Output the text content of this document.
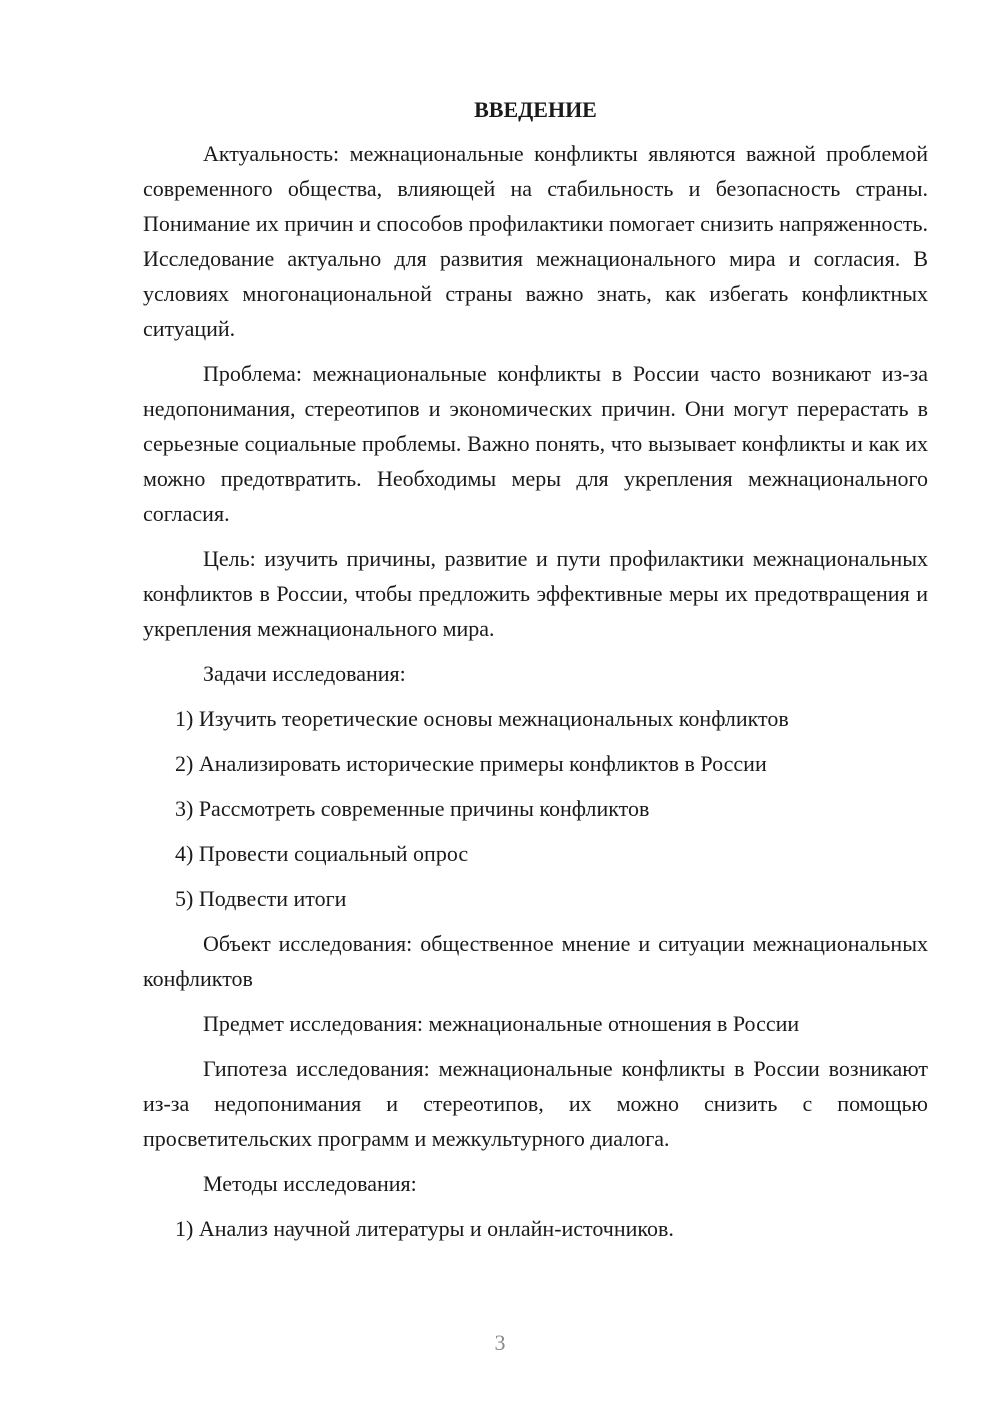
ВВЕДЕНИЕ

Актуальность: межнациональные конфликты являются важной проблемой современного общества, влияющей на стабильность и безопасность страны. Понимание их причин и способов профилактики помогает снизить напряженность. Исследование актуально для развития межнационального мира и согласия. В условиях многонациональной страны важно знать, как избегать конфликтных ситуаций.

Проблема: межнациональные конфликты в России часто возникают из-за недопонимания, стереотипов и экономических причин. Они могут перерастать в серьезные социальные проблемы. Важно понять, что вызывает конфликты и как их можно предотвратить. Необходимы меры для укрепления межнационального согласия.

Цель: изучить причины, развитие и пути профилактики межнациональных конфликтов в России, чтобы предложить эффективные меры их предотвращения и укрепления межнационального мира.

Задачи исследования:

1) Изучить теоретические основы межнациональных конфликтов

2) Анализировать исторические примеры конфликтов в России

3) Рассмотреть современные причины конфликтов

4) Провести социальный опрос

5) Подвести итоги

Объект исследования: общественное мнение и ситуации межнациональных конфликтов

Предмет исследования: межнациональные отношения в России

Гипотеза исследования: межнациональные конфликты в России возникают из-за недопонимания и стереотипов, их можно снизить с помощью просветительских программ и межкультурного диалога.

Методы исследования:

1) Анализ научной литературы и онлайн-источников.

3
